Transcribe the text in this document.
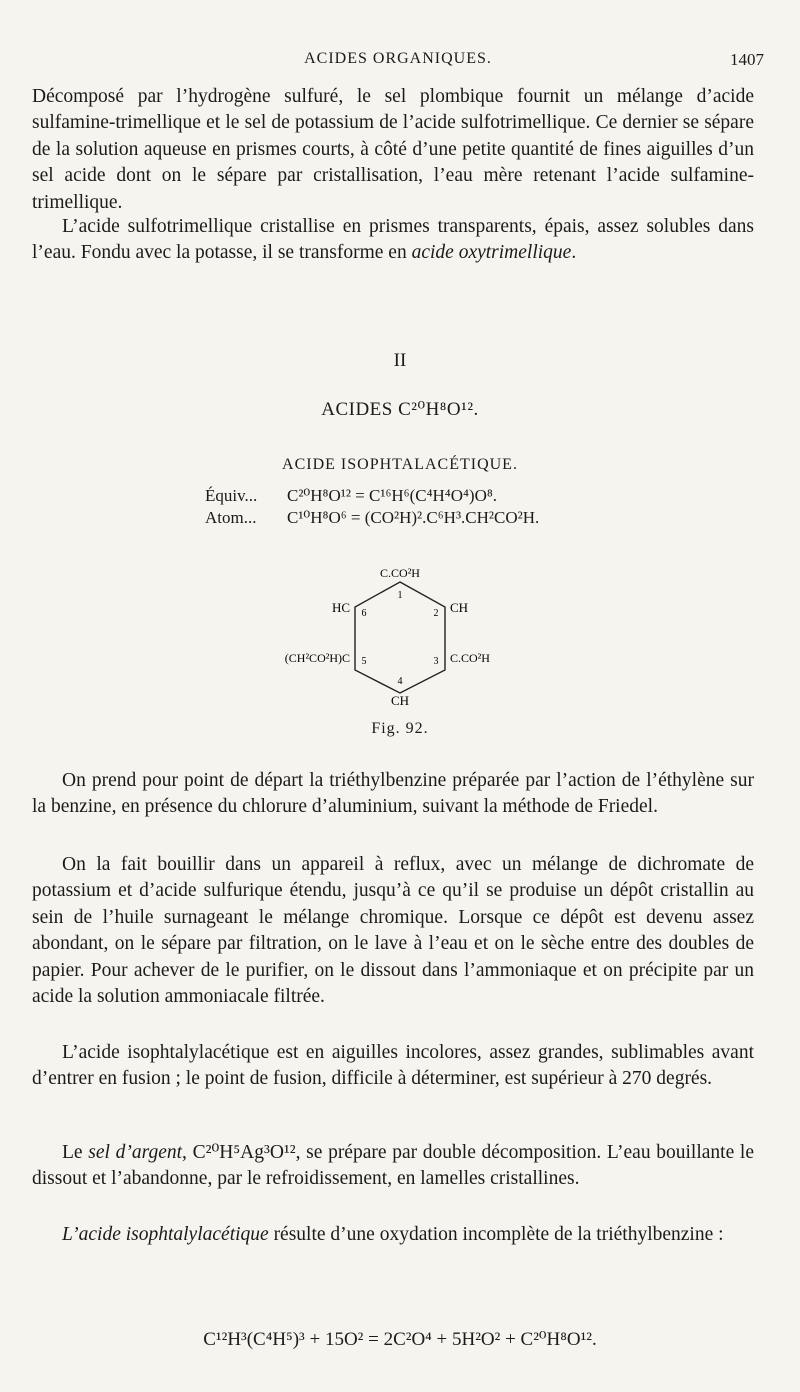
ACIDES ORGANIQUES.	1407

Décomposé par l’hydrogène sulfuré, le sel plombique fournit un mélange d’acide sulfamine-trimellique et le sel de potassium de l’acide sulfotrimellique. Ce dernier se sépare de la solution aqueuse en prismes courts, à côté d’une petite quantité de fines aiguilles d’un sel acide dont on le sépare par cristallisation, l’eau mère retenant l’acide sulfamine-trimellique.

L’acide sulfotrimellique cristallise en prismes transparents, épais, assez solubles dans l’eau. Fondu avec la potasse, il se transforme en acide oxytrimellique.

II
ACIDES C²⁰H⁸O¹².
ACIDE ISOPHTALACÉTIQUE.
Équiv... C²⁰H⁸O¹² = C¹⁶H⁶(C⁴H⁴O⁴)O⁸.
Atom... C¹⁰H⁸O⁶ = (CO²H)².C⁶H³.CH²CO²H.
C.CO²H
HC	CH
(CH²CO²H)C	C.CO²H
CH
1
2
3
4
5
6
Fig. 92.

On prend pour point de départ la triéthylbenzine préparée par l’action de l’éthylène sur la benzine, en présence du chlorure d’aluminium, suivant la méthode de Friedel.

On la fait bouillir dans un appareil à reflux, avec un mélange de dichromate de potassium et d’acide sulfurique étendu, jusqu’à ce qu’il se produise un dépôt cristallin au sein de l’huile surnageant le mélange chromique. Lorsque ce dépôt est devenu assez abondant, on le sépare par filtration, on le lave à l’eau et on le sèche entre des doubles de papier. Pour achever de le purifier, on le dissout dans l’ammoniaque et on précipite par un acide la solution ammoniacale filtrée.

L’acide isophtalylacétique est en aiguilles incolores, assez grandes, sublimables avant d’entrer en fusion ; le point de fusion, difficile à déterminer, est supérieur à 270 degrés.

Le sel d’argent, C²⁰H⁵Ag³O¹², se prépare par double décomposition. L’eau bouillante le dissout et l’abandonne, par le refroidissement, en lamelles cristallines.

L’acide isophtalylacétique résulte d’une oxydation incomplète de la triéthylbenzine :

C¹²H³(C⁴H⁵)³ + 15O² = 2C²O⁴ + 5H²O² + C²⁰H⁸O¹².
